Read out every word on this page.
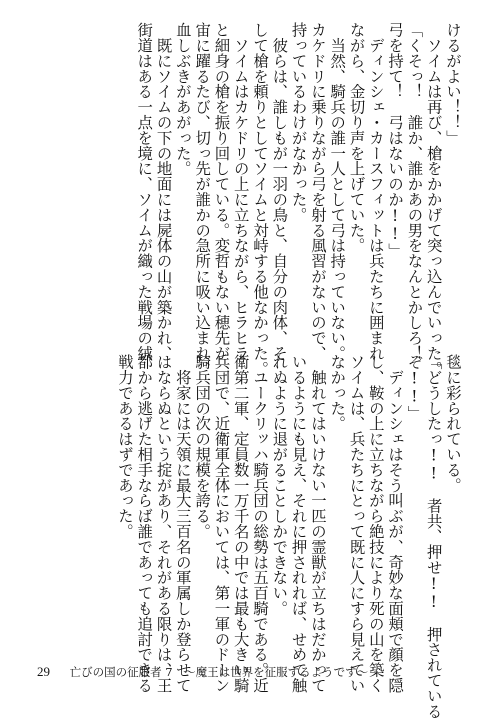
けるがよい！！」
　ソイムは再び、槍をかかげて突っ込んでいった。
「くそっ！　誰か、誰かあの男をなんとかしろ！
弓を持て！　弓はないのか!!」
　ディンシェ・カースフィットは兵たちに囲まれ
ながら、金切り声を上げていた。
　当然、騎兵の誰一人として弓は持っていない。
カケドリに乗りながら弓を射る風習がないので、
持っているわけがなかった。
　彼らは、誰しもが一羽の鳥と、自分の肉体、そ
して槍を頼りとしてソイムと対峙する他なかった。
　ソイムはカケドリの上に立ちながら、ヒラヒラ
と細身の槍を振り回している。変哲もない穂先が
宙に躍るたび、切っ先が誰かの急所に吸い込まれ、
血しぶきがあがった。
　既にソイムの下の地面には屍体の山が築かれ、
街道はある一点を境に、ソイムが織った戦場の絨
毯に彩られている。
「どうしたっ!!　者共、押せ!!　押されている
ぞ!!」
　ディンシェはそう叫ぶが、奇妙な面頬で顔を隠
し、鞍の上に立ちながら絶技により死の山を築く
ソイムは、兵たちにとって既に人にすら見えてい
なかった。
　触れてはいけない一匹の霊獣が立ちはだかって
いるようにも見え、それに押されれば、せめて触
れぬように退がることしかできない。
　ユークリッハ騎兵団の総勢は五百騎である。近
衛第二軍、定員数一万千名の中では最も大きい騎
兵団で、近衛軍全体においては、第一軍のドーン
騎兵団の次の規模を誇る。
　将家には天領に最大三百名の軍属しか登らせて
はならぬという掟があり、それがある限りは、王
都から逃げた相手ならば誰であっても追討できる
戦力であるはずであった。
29 亡びの国の征服者 7　〜魔王は世界を征服するようです〜
